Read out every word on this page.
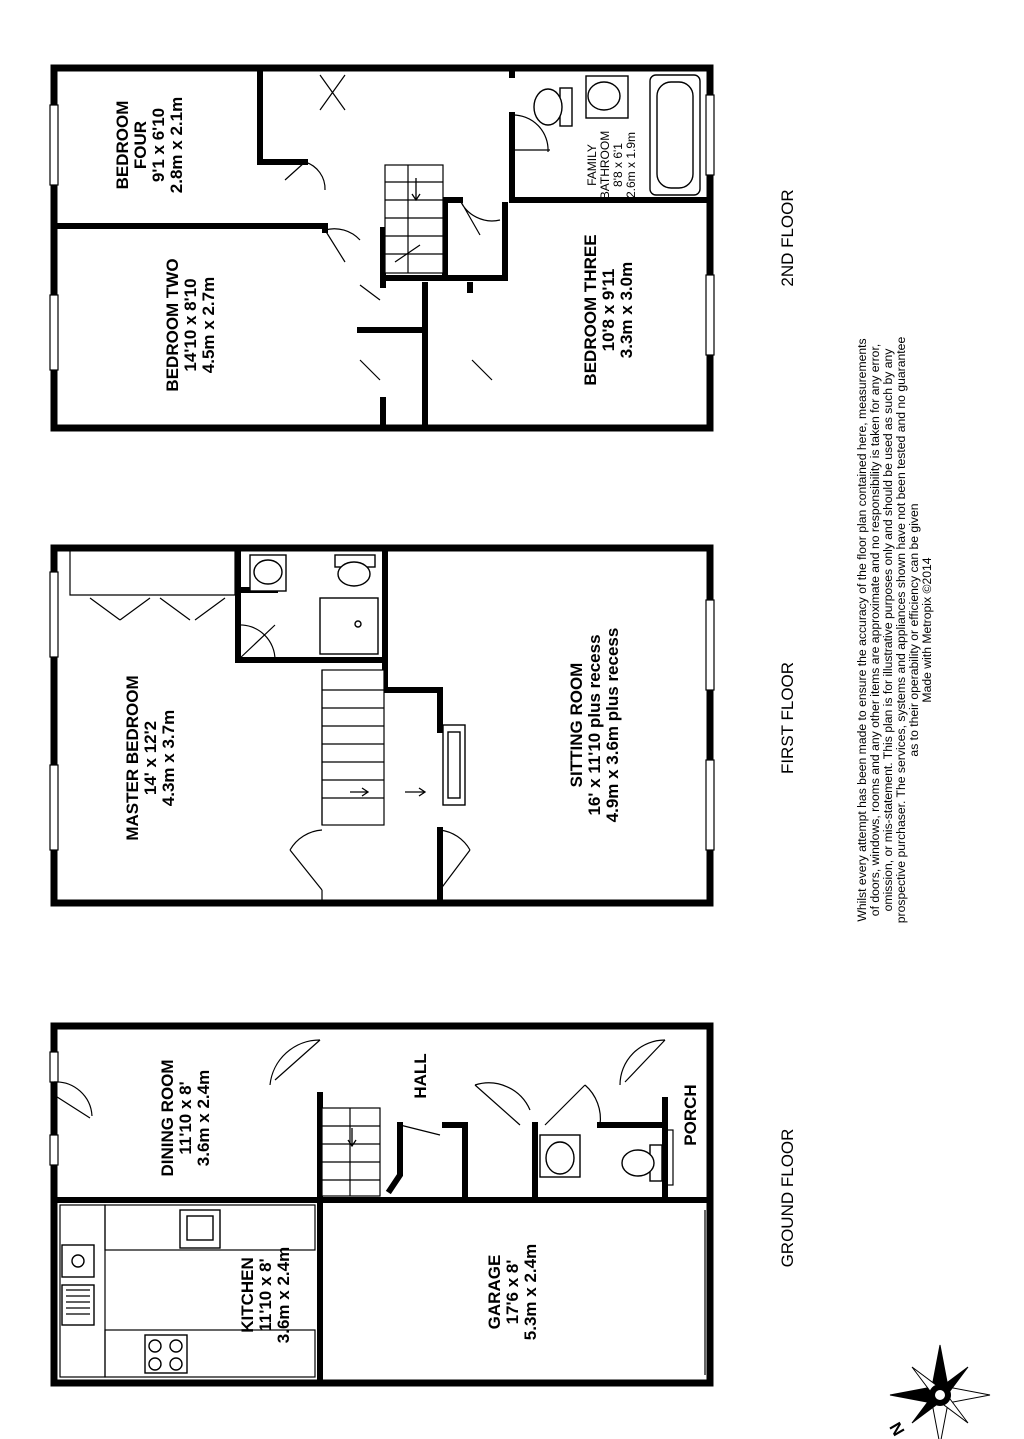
BEDROOM FOUR 9'1 x 6'10 2.8m x 2.1m
BEDROOM TWO 14'10 x 8'10 4.5m x 2.7m	BEDROOM THREE 10'8 x 9'11 3.3m x 3.0m
FAMILY BATHROOM 8'8 x 6'1 2.6m x 1.9m
MASTER BEDROOM 14' x 12'2 4.3m x 3.7m	SITTING ROOM 16' x 11'10 plus recess 4.9m x 3.6m plus recess
DINING ROOM 11'10 x 8' 3.6m x 2.4m
KITCHEN 11'10 x 8' 3.6m x 2.4m
HALL
PORCH
GARAGE 17'6 x 8' 5.3m x 2.4m
2ND FLOOR
FIRST FLOOR
GROUND FLOOR
Whilst every attempt has been made to ensure the accuracy of the floor plan contained here, measurements of doors, windows, rooms and any other items are approximate and no responsibility is taken for any error, omission, or mis-statement. This plan is for illustrative purposes only and should be used as such by any prospective purchaser. The services, systems and appliances shown have not been tested and no guarantee as to their operability or efficiency can be given Made with Metropix ©2014
N
